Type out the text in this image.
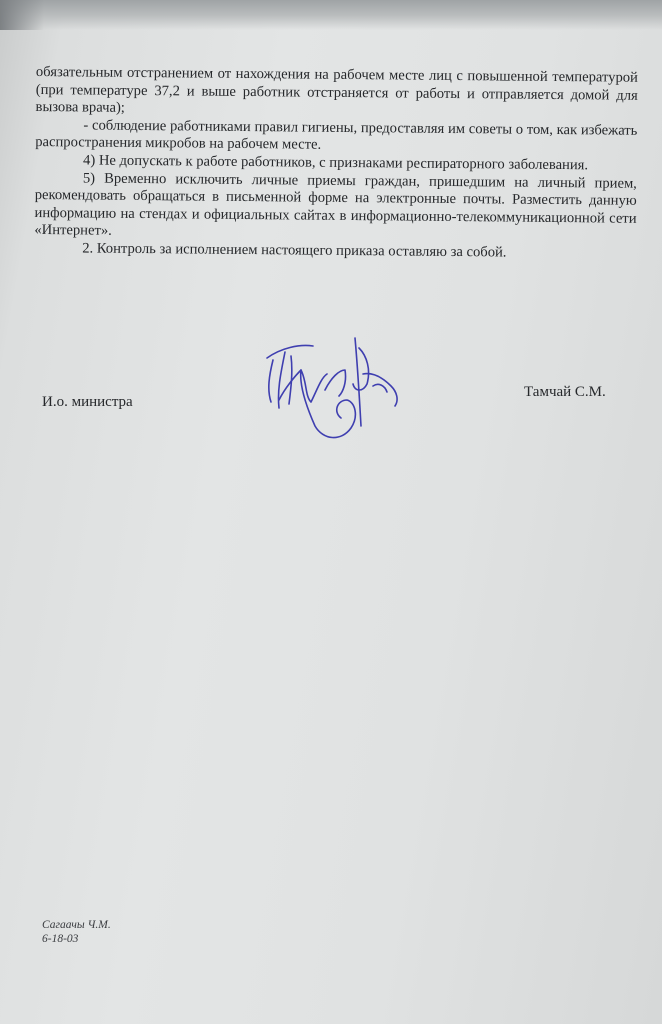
обязательным отстранением от нахождения на рабочем месте лиц с повышенной температурой (при температуре 37,2 и выше работник отстраняется от работы и отправляется домой для вызова врача);

- соблюдение работниками правил гигиены, предоставляя им советы о том, как избежать распространения микробов на рабочем месте.

4) Не допускать к работе работников, с признаками респираторного заболевания.

5) Временно исключить личные приемы граждан, пришедшим на личный прием, рекомендовать обращаться в письменной форме на электронные почты. Разместить данную информацию на стендах и официальных сайтах в информационно-телекоммуникационной сети «Интернет».

2. Контроль за исполнением настоящего приказа оставляю за собой.

И.о. министра
Тамчай С.М.
Сагаачы Ч.М.
6-18-03
